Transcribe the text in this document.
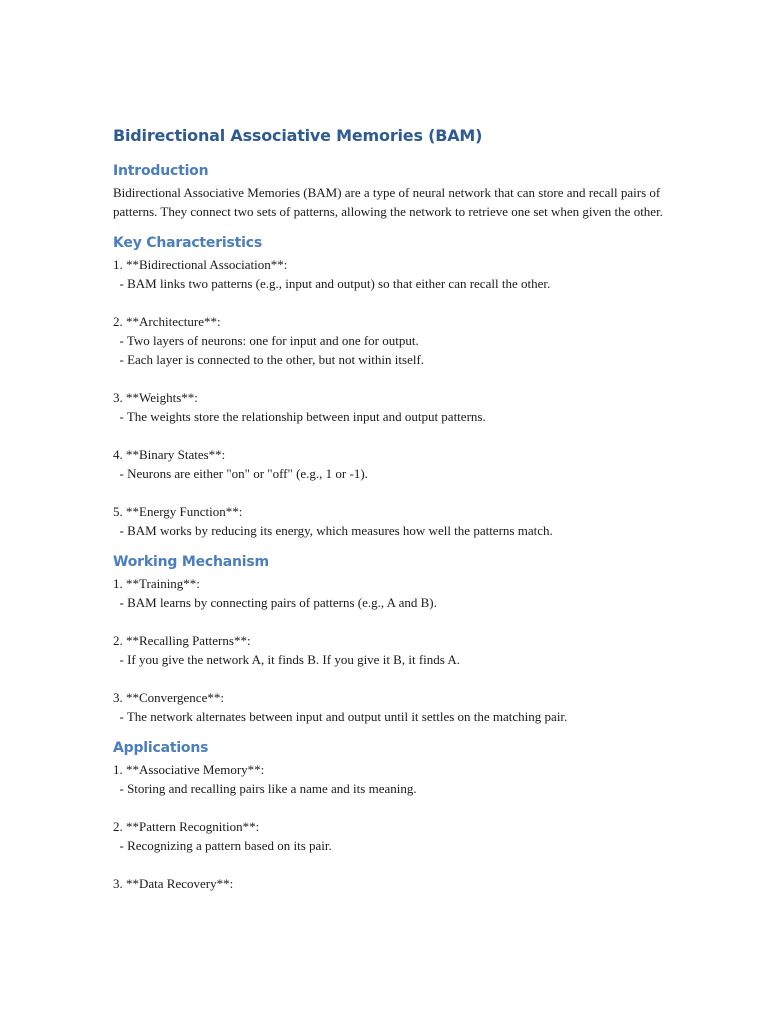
Bidirectional Associative Memories (BAM)
Introduction

Bidirectional Associative Memories (BAM) are a type of neural network that can store and recall pairs of patterns. They connect two sets of patterns, allowing the network to retrieve one set when given the other.

Key Characteristics

1. **Bidirectional Association**:

- BAM links two patterns (e.g., input and output) so that either can recall the other.

2. **Architecture**:

- Two layers of neurons: one for input and one for output.

- Each layer is connected to the other, but not within itself.

3. **Weights**:

- The weights store the relationship between input and output patterns.

4. **Binary States**:

- Neurons are either "on" or "off" (e.g., 1 or -1).

5. **Energy Function**:

- BAM works by reducing its energy, which measures how well the patterns match.

Working Mechanism

1. **Training**:

- BAM learns by connecting pairs of patterns (e.g., A and B).

2. **Recalling Patterns**:

- If you give the network A, it finds B. If you give it B, it finds A.

3. **Convergence**:

- The network alternates between input and output until it settles on the matching pair.

Applications

1. **Associative Memory**:

- Storing and recalling pairs like a name and its meaning.

2. **Pattern Recognition**:

- Recognizing a pattern based on its pair.

3. **Data Recovery**:
